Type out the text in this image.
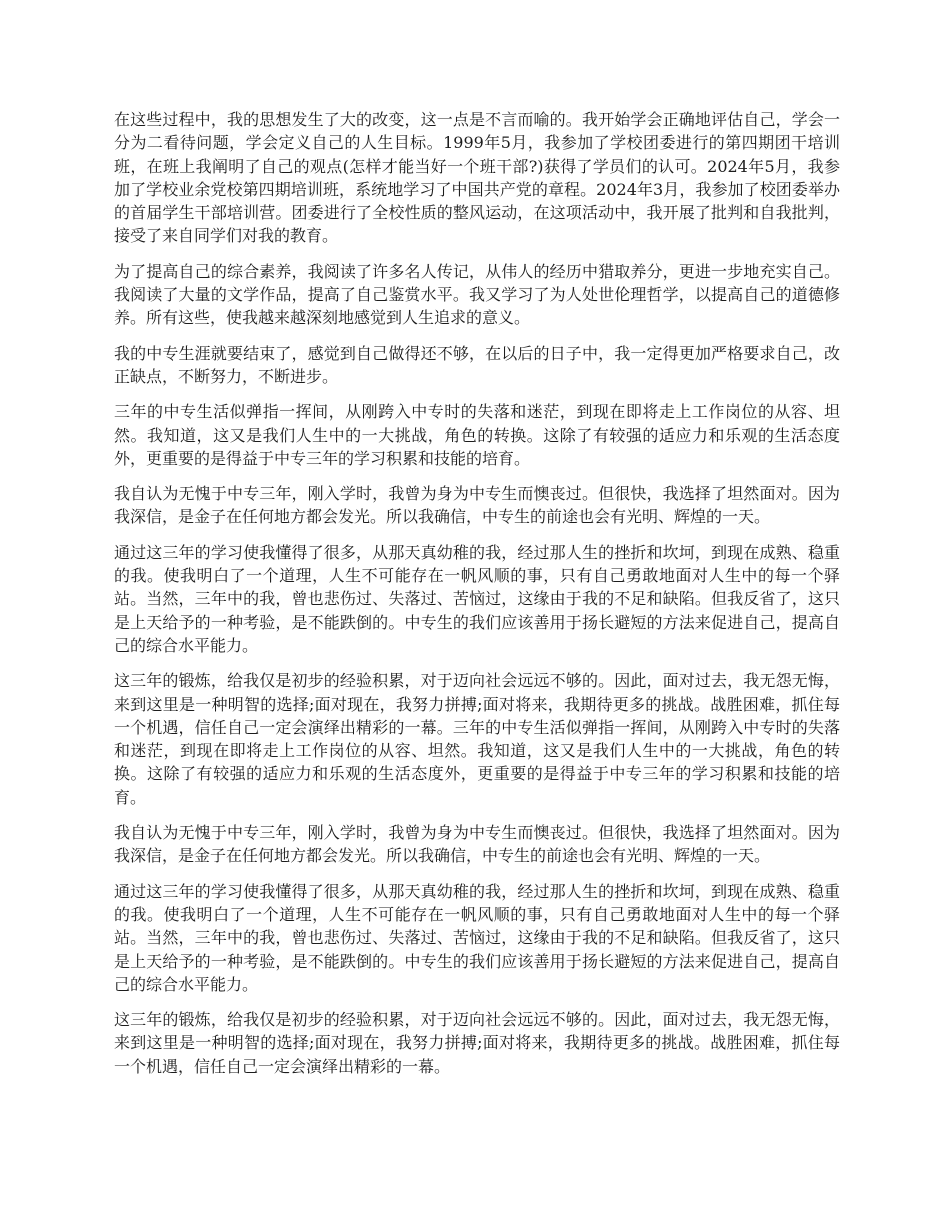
在这些过程中，我的思想发生了大的改变，这一点是不言而喻的。我开始学会正确地评估自己，学会一分为二看待问题，学会定义自己的人生目标。1999年5月，我参加了学校团委进行的第四期团干培训班，在班上我阐明了自己的观点(怎样才能当好一个班干部?)获得了学员们的认可。2024年5月，我参加了学校业余党校第四期培训班，系统地学习了中国共产党的章程。2024年3月，我参加了校团委举办的首届学生干部培训营。团委进行了全校性质的整风运动，在这项活动中，我开展了批判和自我批判，接受了来自同学们对我的教育。

为了提高自己的综合素养，我阅读了许多名人传记，从伟人的经历中猎取养分，更进一步地充实自己。我阅读了大量的文学作品，提高了自己鉴赏水平。我又学习了为人处世伦理哲学，以提高自己的道德修养。所有这些，使我越来越深刻地感觉到人生追求的意义。

我的中专生涯就要结束了，感觉到自己做得还不够，在以后的日子中，我一定得更加严格要求自己，改正缺点，不断努力，不断进步。

三年的中专生活似弹指一挥间，从刚跨入中专时的失落和迷茫，到现在即将走上工作岗位的从容、坦然。我知道，这又是我们人生中的一大挑战，角色的转换。这除了有较强的适应力和乐观的生活态度外，更重要的是得益于中专三年的学习积累和技能的培育。

我自认为无愧于中专三年，刚入学时，我曾为身为中专生而懊丧过。但很快，我选择了坦然面对。因为我深信，是金子在任何地方都会发光。所以我确信，中专生的前途也会有光明、辉煌的一天。

通过这三年的学习使我懂得了很多，从那天真幼稚的我，经过那人生的挫折和坎坷，到现在成熟、稳重的我。使我明白了一个道理，人生不可能存在一帆风顺的事，只有自己勇敢地面对人生中的每一个驿站。当然，三年中的我，曾也悲伤过、失落过、苦恼过，这缘由于我的不足和缺陷。但我反省了，这只是上天给予的一种考验，是不能跌倒的。中专生的我们应该善用于扬长避短的方法来促进自己，提高自己的综合水平能力。

这三年的锻炼，给我仅是初步的经验积累，对于迈向社会远远不够的。因此，面对过去，我无怨无悔，来到这里是一种明智的选择;面对现在，我努力拼搏;面对将来，我期待更多的挑战。战胜困难，抓住每一个机遇，信任自己一定会演绎出精彩的一幕。三年的中专生活似弹指一挥间，从刚跨入中专时的失落和迷茫，到现在即将走上工作岗位的从容、坦然。我知道，这又是我们人生中的一大挑战，角色的转换。这除了有较强的适应力和乐观的生活态度外，更重要的是得益于中专三年的学习积累和技能的培育。

我自认为无愧于中专三年，刚入学时，我曾为身为中专生而懊丧过。但很快，我选择了坦然面对。因为我深信，是金子在任何地方都会发光。所以我确信，中专生的前途也会有光明、辉煌的一天。

通过这三年的学习使我懂得了很多，从那天真幼稚的我，经过那人生的挫折和坎坷，到现在成熟、稳重的我。使我明白了一个道理，人生不可能存在一帆风顺的事，只有自己勇敢地面对人生中的每一个驿站。当然，三年中的我，曾也悲伤过、失落过、苦恼过，这缘由于我的不足和缺陷。但我反省了，这只是上天给予的一种考验，是不能跌倒的。中专生的我们应该善用于扬长避短的方法来促进自己，提高自己的综合水平能力。

这三年的锻炼，给我仅是初步的经验积累，对于迈向社会远远不够的。因此，面对过去，我无怨无悔，来到这里是一种明智的选择;面对现在，我努力拼搏;面对将来，我期待更多的挑战。战胜困难，抓住每一个机遇，信任自己一定会演绎出精彩的一幕。
